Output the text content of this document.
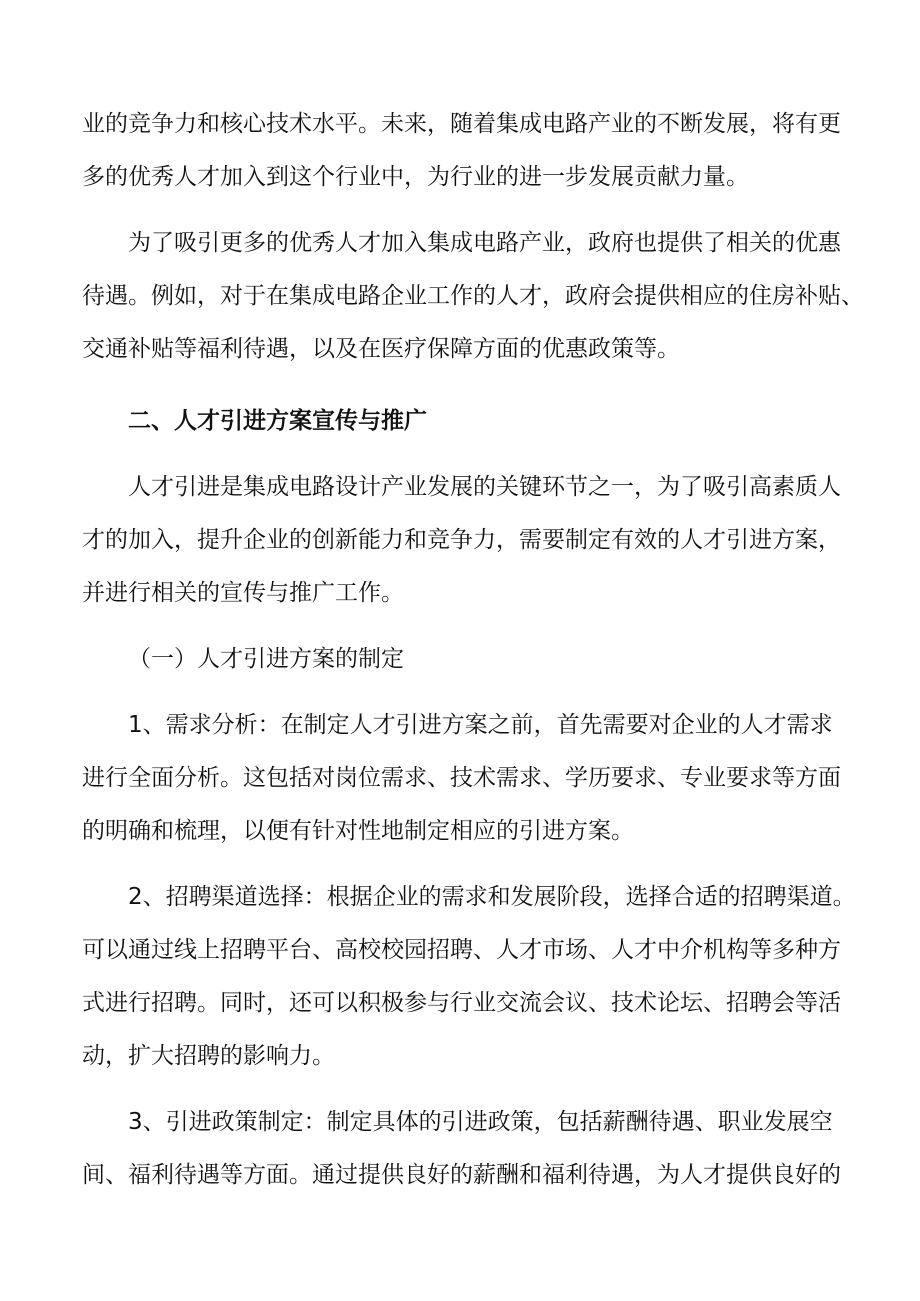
业的竞争力和核心技术水平。未来，随着集成电路产业的不断发展，将有更
多的优秀人才加入到这个行业中，为行业的进一步发展贡献力量。
为了吸引更多的优秀人才加入集成电路产业，政府也提供了相关的优惠
待遇。例如，对于在集成电路企业工作的人才，政府会提供相应的住房补贴、
交通补贴等福利待遇，以及在医疗保障方面的优惠政策等。
二、人才引进方案宣传与推广
人才引进是集成电路设计产业发展的关键环节之一，为了吸引高素质人
才的加入，提升企业的创新能力和竞争力，需要制定有效的人才引进方案，
并进行相关的宣传与推广工作。
（一）人才引进方案的制定
1、需求分析：在制定人才引进方案之前，首先需要对企业的人才需求
进行全面分析。这包括对岗位需求、技术需求、学历要求、专业要求等方面
的明确和梳理，以便有针对性地制定相应的引进方案。
2、招聘渠道选择：根据企业的需求和发展阶段，选择合适的招聘渠道。
可以通过线上招聘平台、高校校园招聘、人才市场、人才中介机构等多种方
式进行招聘。同时，还可以积极参与行业交流会议、技术论坛、招聘会等活
动，扩大招聘的影响力。
3、引进政策制定：制定具体的引进政策，包括薪酬待遇、职业发展空
间、福利待遇等方面。通过提供良好的薪酬和福利待遇，为人才提供良好的
